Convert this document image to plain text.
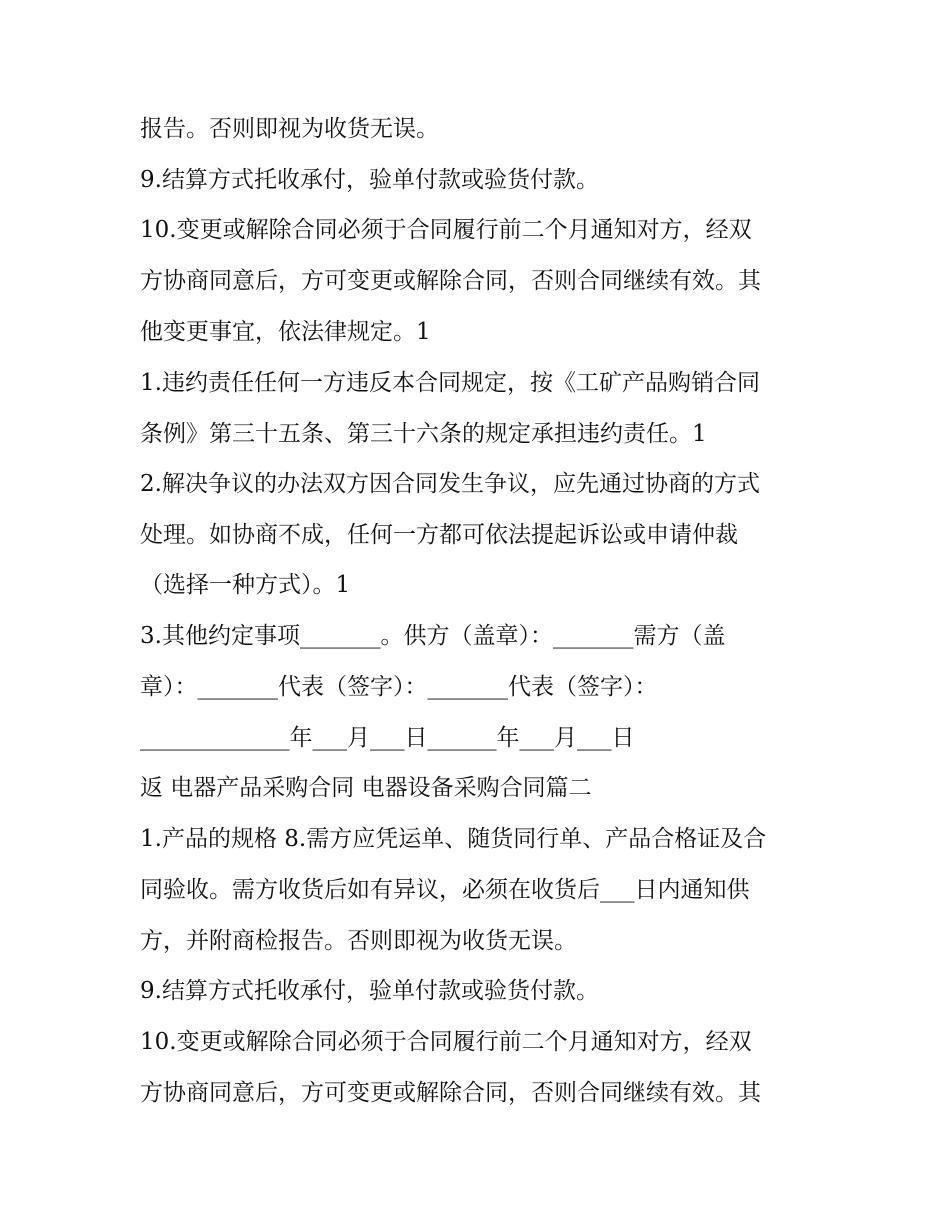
报告。否则即视为收货无误。
9.结算方式托收承付，验单付款或验货付款。
10.变更或解除合同必须于合同履行前二个月通知对方，经双
方协商同意后，方可变更或解除合同，否则合同继续有效。其
他变更事宜，依法律规定。1
1.违约责任任何一方违反本合同规定，按《工矿产品购销合同
条例》第三十五条、第三十六条的规定承担违约责任。1
2.解决争议的办法双方因合同发生争议，应先通过协商的方式
处理。如协商不成，任何一方都可依法提起诉讼或申请仲裁
（选择一种方式）。1
3.其他约定事项_______。供方（盖章）：_______需方（盖
章）：_______代表（签字）：_______代表（签字）：
_____________年___月___日______年___月___日
返 电器产品采购合同 电器设备采购合同篇二
1.产品的规格 8.需方应凭运单、随货同行单、产品合格证及合
同验收。需方收货后如有异议，必须在收货后___日内通知供
方，并附商检报告。否则即视为收货无误。
9.结算方式托收承付，验单付款或验货付款。
10.变更或解除合同必须于合同履行前二个月通知对方，经双
方协商同意后，方可变更或解除合同，否则合同继续有效。其
